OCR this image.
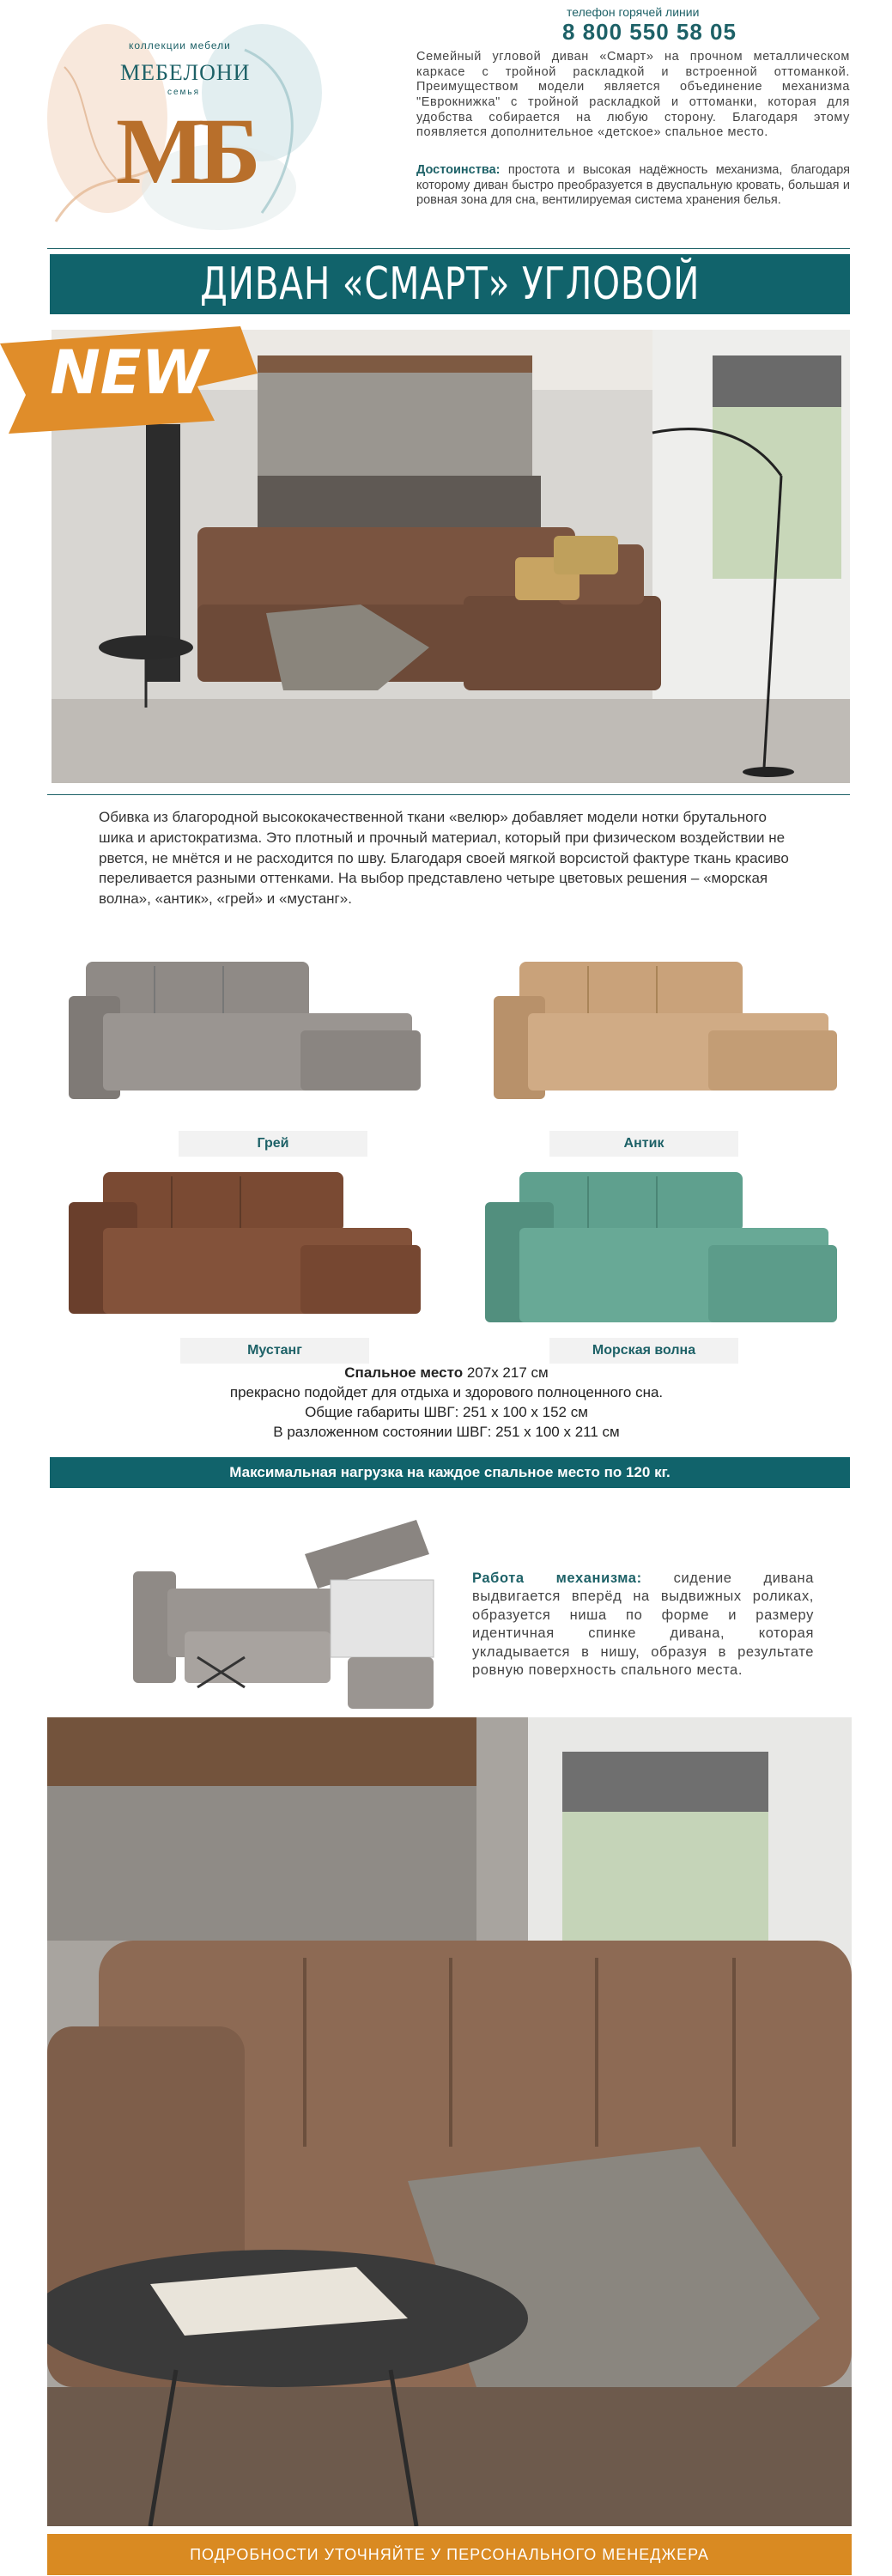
коллекции мебели
МЕБЕЛОНИ
семья
МБ
телефон горячей линии
8 800 550 58 05
Семейный угловой диван «Смарт» на прочном металлическом каркасе с тройной раскладкой и встроенной оттоманкой. Преимуществом модели является объединение механизма "Еврокнижка" с тройной раскладкой и оттоманки, которая для удобства собирается на любую сторону. Благодаря этому появляется дополнительное «детское» спальное место.
Достоинства: простота и высокая надёжность механизма, благодаря которому диван быстро преобразуется в двуспальную кровать, большая и ровная зона для сна, вентилируемая система хранения белья.
ДИВАН «СМАРТ» УГЛОВОЙ
NEW
Обивка из благородной высококачественной ткани «велюр» добавляет модели нотки брутального шика и аристократизма. Это плотный и прочный материал, который при физическом воздействии не рвется, не мнётся и не расходится по шву. Благодаря своей мягкой ворсистой фактуре ткань красиво переливается разными оттенками. На выбор представлено четыре цветовых решения – «морская волна», «антик», «грей» и «мустанг».
Грей	Антик
Мустанг	Морская волна
Спальное место 207х 217 см
прекрасно подойдет для отдыха и здорового полноценного сна.
Общие габариты ШВГ: 251 х 100 х 152 см
В разложенном состоянии ШВГ: 251 х 100 х 211 см
Максимальная нагрузка на каждое спальное место по 120 кг.
Работа механизма: сидение дивана выдвигается вперёд на выдвижных роликах, образуется ниша по форме и размеру идентичная спинке дивана, которая укладывается в нишу, образуя в результате ровную поверхность спального места.
ПОДРОБНОСТИ УТОЧНЯЙТЕ У ПЕРСОНАЛЬНОГО МЕНЕДЖЕРА
